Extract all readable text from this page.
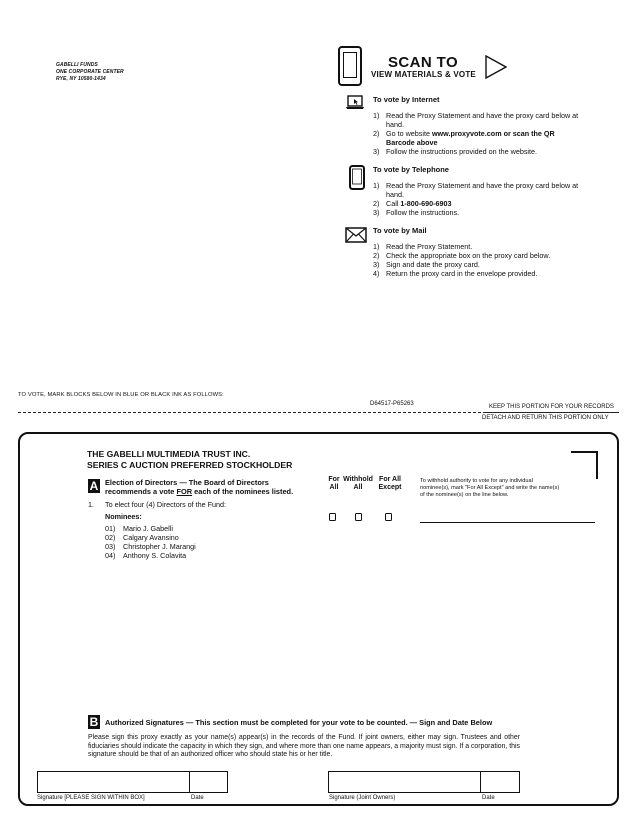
GABELLI FUNDS
ONE CORPORATE CENTER
RYE, NY 10580-1434
SCAN TO
VIEW MATERIALS & VOTE
To vote by Internet
1) Read the Proxy Statement and have the proxy card below at hand.
2) Go to website www.proxyvote.com or scan the QR Barcode above
3) Follow the instructions provided on the website.
To vote by Telephone
1) Read the Proxy Statement and have the proxy card below at hand.
2) Call 1-800-690-6903
3) Follow the instructions.
To vote by Mail
1) Read the Proxy Statement.
2) Check the appropriate box on the proxy card below.
3) Sign and date the proxy card.
4) Return the proxy card in the envelope provided.
TO VOTE, MARK BLOCKS BELOW IN BLUE OR BLACK INK AS FOLLOWS:
D64517-P65263	KEEP THIS PORTION FOR YOUR RECORDS
DETACH AND RETURN THIS PORTION ONLY
THE GABELLI MULTIMEDIA TRUST INC.
SERIES C AUCTION PREFERRED STOCKHOLDER
A Election of Directors — The Board of Directors
recommends a vote FOR each of the nominees listed.
For
All
Withhold
All
For All
Except
To withhold authority to vote for any individual nominee(s), mark "For All Except" and write the name(s) of the nominee(s) on the line below.
1. To elect four (4) Directors of the Fund:
Nominees:
01) Mario J. Gabelli
02) Calgary Avansino
03) Christopher J. Marangi
04) Anthony S. Colavita
B Authorized Signatures — This section must be completed for your vote to be counted. — Sign and Date Below
Please sign this proxy exactly as your name(s) appear(s) in the records of the Fund. If joint owners, either may sign. Trustees and other fiduciaries should indicate the capacity in which they sign, and where more than one name appears, a majority must sign. If a corporation, this signature should be that of an authorized officer who should state his or her title.
Signature [PLEASE SIGN WITHIN BOX]	Date	Signature (Joint Owners)	Date
